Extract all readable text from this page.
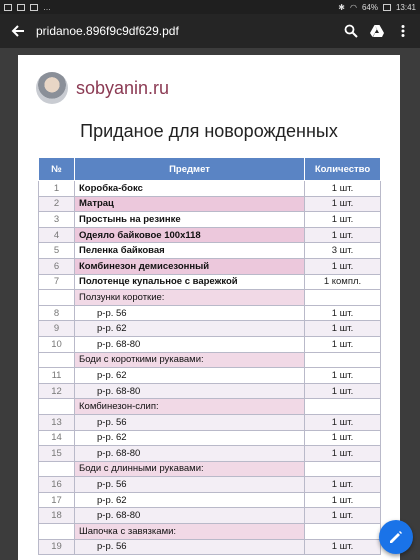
…	✱ ◠ 64% 13:41
pridanoe.896f9c9df629.pdf
sobyanin.ru
Приданое для новорожденных
№	Предмет	Количество
1	Коробка-бокс	1 шт.
2	Матрац	1 шт.
3	Простынь на резинке	1 шт.
4	Одеяло байковое 100х118	1 шт.
5	Пеленка байковая	3 шт.
6	Комбинезон демисезонный	1 шт.
7	Полотенце купальное с варежкой	1 компл.
	Ползунки короткие:	
8	р-р. 56	1 шт.
9	р-р. 62	1 шт.
10	р-р. 68-80	1 шт.
	Боди с короткими рукавами:	
11	р-р. 62	1 шт.
12	р-р. 68-80	1 шт.
	Комбинезон-слип:	
13	р-р. 56	1 шт.
14	р-р. 62	1 шт.
15	р-р. 68-80	1 шт.
	Боди с длинными рукавами:	
16	р-р. 56	1 шт.
17	р-р. 62	1 шт.
18	р-р. 68-80	1 шт.
	Шапочка с завязками:	
19	р-р. 56	1 шт.
